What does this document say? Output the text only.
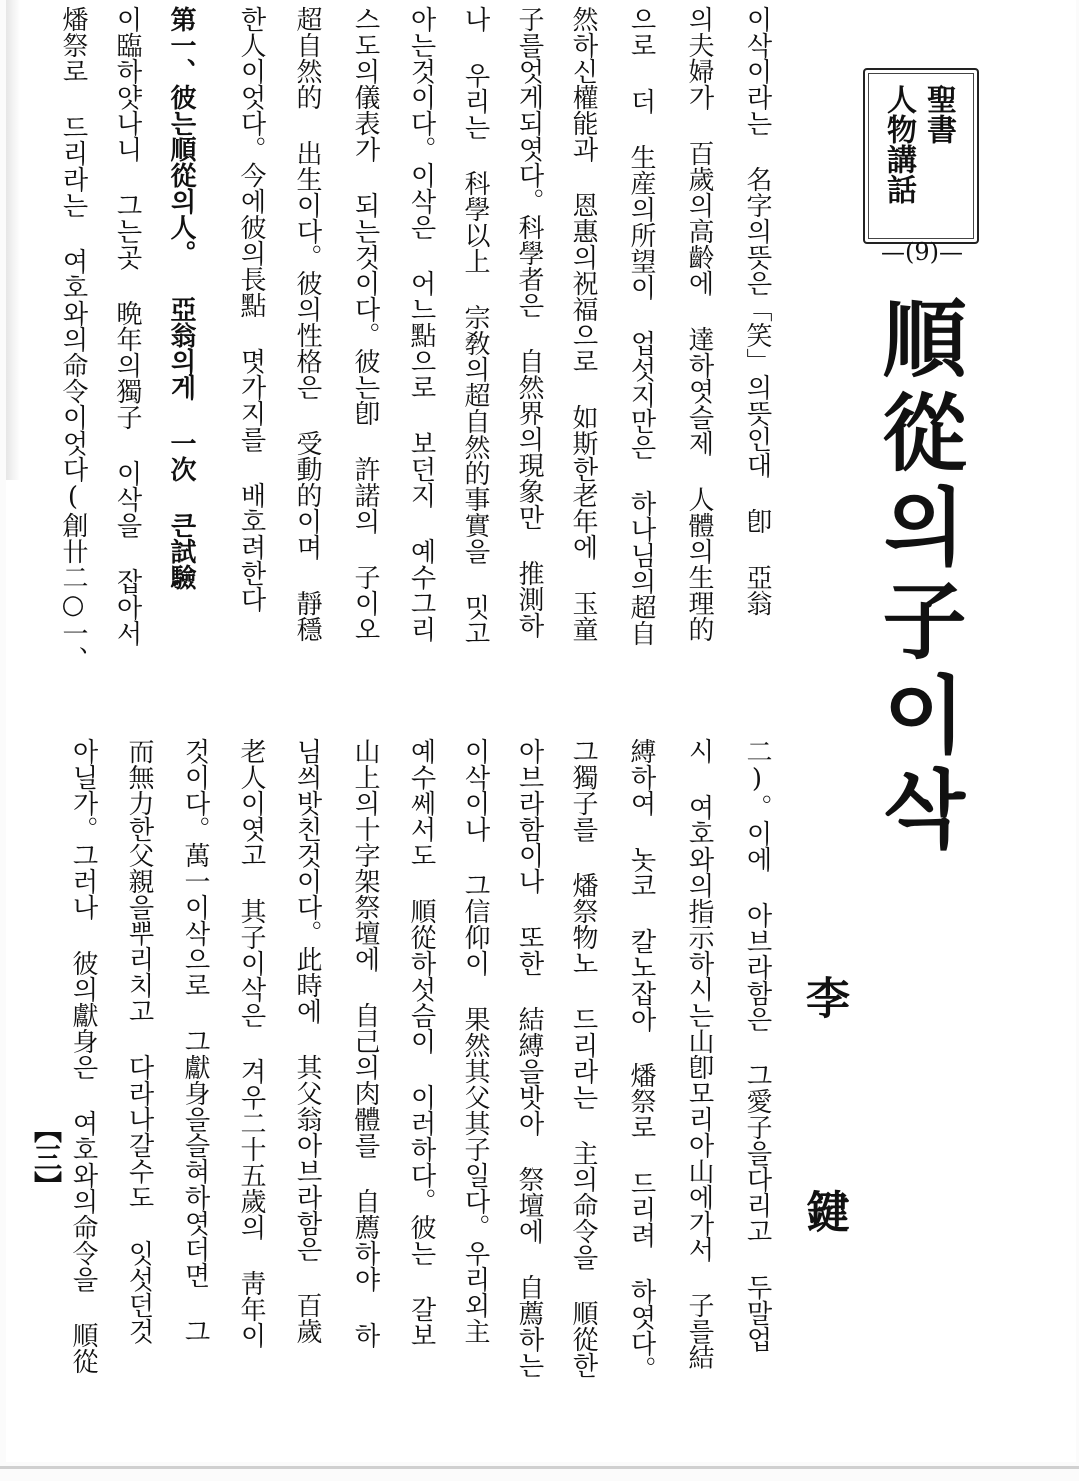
聖書
人物講話
—(9)—
順從의子이삭
李鍵
이삭이라는 名字의뜻은「笑」의뜻인대 卽 亞翁
의夫婦가 百歲의高齡에 達하엿슬제 人體의生理的
으로 더 生産의所望이 업섯지만은 하나님의超自
然하신權能과 恩惠의祝福으로 如斯한老年에 玉童
子를엇게되엿다。科學者은 自然界의現象만 推測하
나 우리는 科學以上 宗敎의超自然的事實을 밋고
아는것이다。이삭은 어느點으로 보던지 예수그리
스도의儀表가 되는것이다。彼는卽 許諾의 子이오
超自然的 出生이다。彼의性格은 受動的이며 靜穩
한人이엇다。今에彼의長點 몃가지를 배호려한다
第一、彼는順從의人。 亞翁의게 一次 큰試驗
이臨하얏나니 그는곳 晩年의獨子 이삭을 잡아서
燔祭로 드리라는 여호와의命令이엇다(創卄二○一、
二)。이에 아브라함은 그愛子을다리고 두말업
시 여호와의指示하시는山卽모리아山에가서 子를結
縛하여 놋코 칼노잡아 燔祭로 드리려 하엿다。
그獨子를 燔祭物노 드리라는 主의命令을 順從한
아브라함이나 또한 結縛을밧아 祭壇에 自薦하는
이삭이나 그信仰이 果然其父其子일다。우리외主
예수쎄서도 順從하섯슴이 이러하다。彼는 갈보
山上의十字架祭壇에 自己의肉體를 自薦하야 하
님씌밧친것이다。此時에 其父翁아브라함은 百歲
老人이엿고 其子이삭은 겨우二十五歲의 靑年이
것이다。萬一이삭으로 그獻身을슬혀하엿더면 그
而無力한父親을뿌리치고 다라나갈수도 잇섯던것
아닐가。그러나 彼의獻身은 여호와의命令을 順從
【三】
